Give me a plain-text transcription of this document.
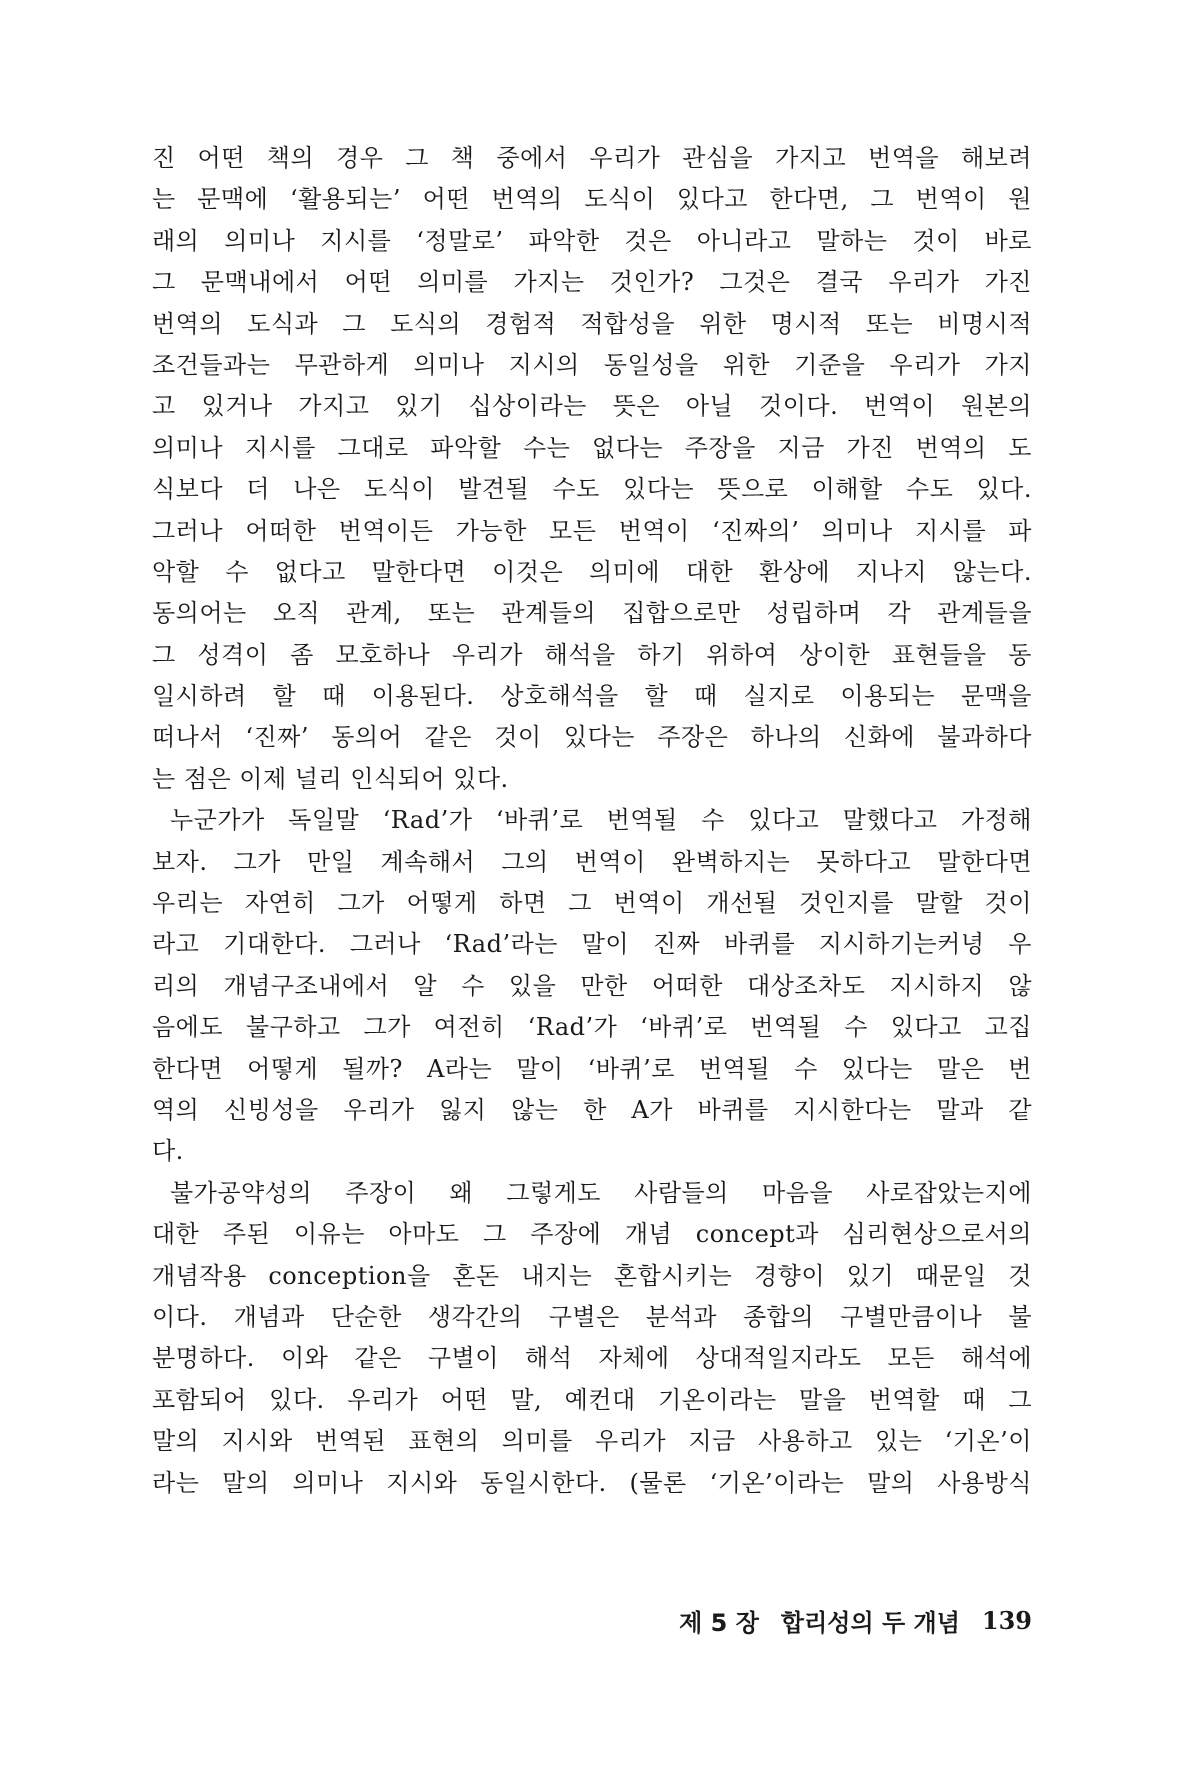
진 어떤 책의 경우 그 책 중에서 우리가 관심을 가지고 번역을 해보려
는 문맥에 ‘활용되는’ 어떤 번역의 도식이 있다고 한다면, 그 번역이 원
래의 의미나 지시를 ‘정말로’ 파악한 것은 아니라고 말하는 것이 바로
그 문맥내에서 어떤 의미를 가지는 것인가? 그것은 결국 우리가 가진
번역의 도식과 그 도식의 경험적 적합성을 위한 명시적 또는 비명시적
조건들과는 무관하게 의미나 지시의 동일성을 위한 기준을 우리가 가지
고 있거나 가지고 있기 십상이라는 뜻은 아닐 것이다. 번역이 원본의
의미나 지시를 그대로 파악할 수는 없다는 주장을 지금 가진 번역의 도
식보다 더 나은 도식이 발견될 수도 있다는 뜻으로 이해할 수도 있다.
그러나 어떠한 번역이든 가능한 모든 번역이 ‘진짜의’ 의미나 지시를 파
악할 수 없다고 말한다면 이것은 의미에 대한 환상에 지나지 않는다.
동의어는 오직 관계, 또는 관계들의 집합으로만 성립하며 각 관계들을
그 성격이 좀 모호하나 우리가 해석을 하기 위하여 상이한 표현들을 동
일시하려 할 때 이용된다. 상호해석을 할 때 실지로 이용되는 문맥을
떠나서 ‘진짜’ 동의어 같은 것이 있다는 주장은 하나의 신화에 불과하다
는 점은 이제 널리 인식되어 있다.
누군가가 독일말 ‘Rad’가 ‘바퀴’로 번역될 수 있다고 말했다고 가정해
보자. 그가 만일 계속해서 그의 번역이 완벽하지는 못하다고 말한다면
우리는 자연히 그가 어떻게 하면 그 번역이 개선될 것인지를 말할 것이
라고 기대한다. 그러나 ‘Rad’라는 말이 진짜 바퀴를 지시하기는커녕 우
리의 개념구조내에서 알 수 있을 만한 어떠한 대상조차도 지시하지 않
음에도 불구하고 그가 여전히 ‘Rad’가 ‘바퀴’로 번역될 수 있다고 고집
한다면 어떻게 될까? A라는 말이 ‘바퀴’로 번역될 수 있다는 말은 번
역의 신빙성을 우리가 잃지 않는 한 A가 바퀴를 지시한다는 말과 같
다.
불가공약성의 주장이 왜 그렇게도 사람들의 마음을 사로잡았는지에
대한 주된 이유는 아마도 그 주장에 개념 concept과 심리현상으로서의
개념작용 conception을 혼돈 내지는 혼합시키는 경향이 있기 때문일 것
이다. 개념과 단순한 생각간의 구별은 분석과 종합의 구별만큼이나 불
분명하다. 이와 같은 구별이 해석 자체에 상대적일지라도 모든 해석에
포함되어 있다. 우리가 어떤 말, 예컨대 기온이라는 말을 번역할 때 그
말의 지시와 번역된 표현의 의미를 우리가 지금 사용하고 있는 ‘기온’이
라는 말의 의미나 지시와 동일시한다. (물론 ‘기온’이라는 말의 사용방식
제 5 장 합리성의 두 개념 139
